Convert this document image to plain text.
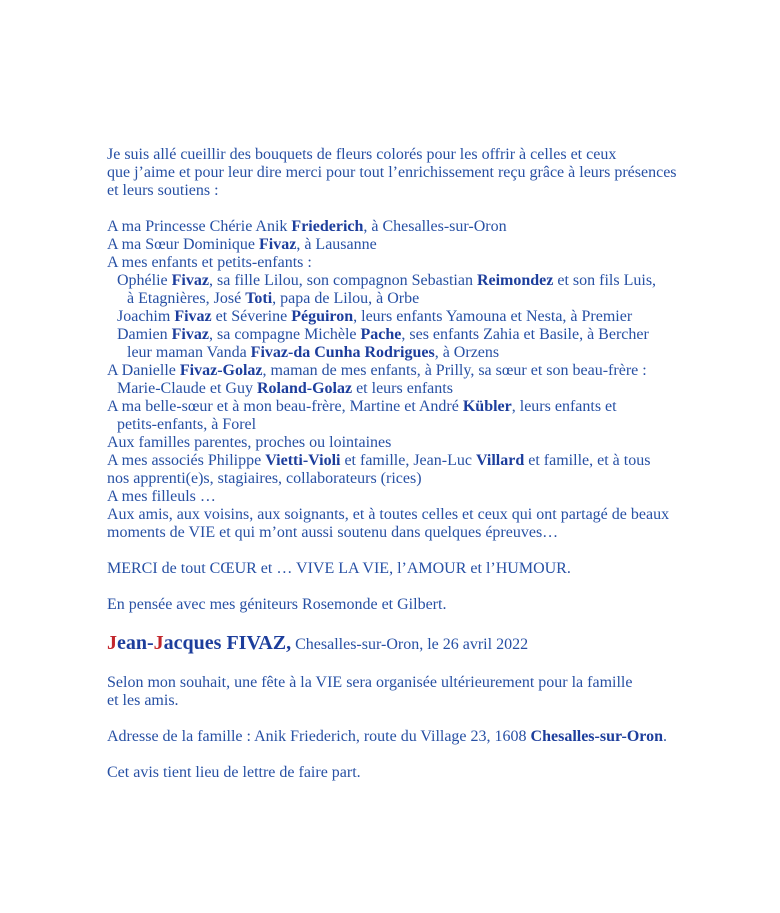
Je suis allé cueillir des bouquets de fleurs colorés pour les offrir à celles et ceux
que j’aime et pour leur dire merci pour tout l’enrichissement reçu grâce à leurs présences
et leurs soutiens :
A ma Princesse Chérie Anik Friederich, à Chesalles-sur-Oron
A ma Sœur Dominique Fivaz, à Lausanne
A mes enfants et petits-enfants :
Ophélie Fivaz, sa fille Lilou, son compagnon Sebastian Reimondez et son fils Luis,
à Etagnières, José Toti, papa de Lilou, à Orbe
Joachim Fivaz et Séverine Péguiron, leurs enfants Yamouna et Nesta, à Premier
Damien Fivaz, sa compagne Michèle Pache, ses enfants Zahia et Basile, à Bercher
leur maman Vanda Fivaz-da Cunha Rodrigues, à Orzens
A Danielle Fivaz-Golaz, maman de mes enfants, à Prilly, sa sœur et son beau-frère :
Marie-Claude et Guy Roland-Golaz et leurs enfants
A ma belle-sœur et à mon beau-frère, Martine et André Kübler, leurs enfants et
petits-enfants, à Forel
Aux familles parentes, proches ou lointaines
A mes associés Philippe Vietti-Violi et famille, Jean-Luc Villard et famille, et à tous
nos apprenti(e)s, stagiaires, collaborateurs (rices)
A mes filleuls …
Aux amis, aux voisins, aux soignants, et à toutes celles et ceux qui ont partagé de beaux
moments de VIE et qui m’ont aussi soutenu dans quelques épreuves…
MERCI de tout CŒUR et … VIVE LA VIE, l’AMOUR et l’HUMOUR.
En pensée avec mes géniteurs Rosemonde et Gilbert.
Jean-Jacques FIVAZ, Chesalles-sur-Oron, le 26 avril 2022
Selon mon souhait, une fête à la VIE sera organisée ultérieurement pour la famille
et les amis.
Adresse de la famille : Anik Friederich, route du Village 23, 1608 Chesalles-sur-Oron.
Cet avis tient lieu de lettre de faire part.
